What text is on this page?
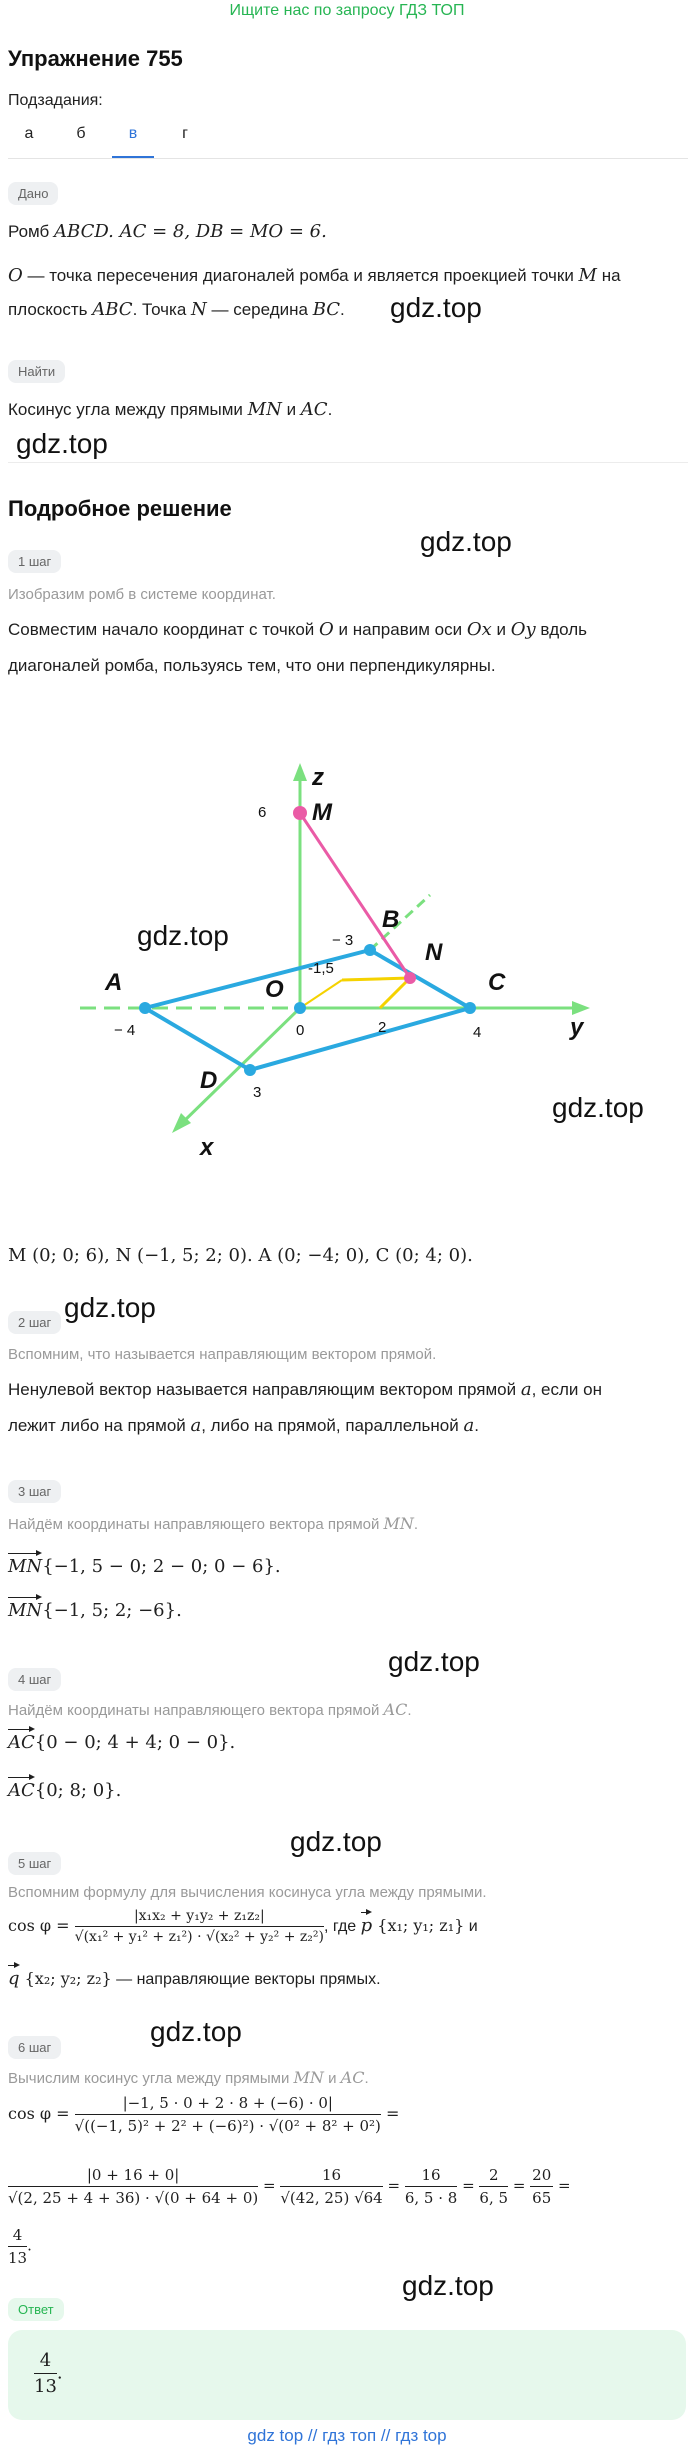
Ищите нас по запросу ГДЗ ТОП
Упражнение 755
Подзадания:
а	б	в	г
Дано
Ромб ABCD. AC = 8, DB = MO = 6.
O — точка пересечения диагоналей ромба и является проекцией точки M на
плоскость ABC. Точка N — середина BC.	gdz.top
Найти
Косинус угла между прямыми MN и AC.
gdz.top
Подробное решение
gdz.top
1 шаг
Изобразим ромб в системе координат.
Совместим начало координат с точкой O и направим оси Ox и Oy вдоль
диагоналей ромба, пользуясь тем, что они перпендикулярны.
z
M
B
N
A	O	C
y
D
x
6
− 3
-1,5
− 4	0	2	4
3
gdz.top
gdz.top
M (0; 0; 6), N (−1, 5; 2; 0). A (0; −4; 0), C (0; 4; 0).
gdz.top
2 шаг
Вспомним, что называется направляющим вектором прямой.
Ненулевой вектор называется направляющим вектором прямой a, если он
лежит либо на прямой a, либо на прямой, параллельной a.
3 шаг
Найдём координаты направляющего вектора прямой MN.
MN{−1, 5 − 0; 2 − 0; 0 − 6}.
MN{−1, 5; 2; −6}.
gdz.top
4 шаг
Найдём координаты направляющего вектора прямой AC.
AC{0 − 0; 4 + 4; 0 − 0}.
AC{0; 8; 0}.
gdz.top
5 шаг
Вспомним формулу для вычисления косинуса угла между прямыми.
$\cos \varphi = \frac{\text{|x₁x₂ + y₁y₂ + z₁z₂|}}{\text{√(x₁² + y₁² + z₁²) · √(x₂² + y₂² + z₂²)}}$ , где p {x₁; y₁; z₁} и
q {x₂; y₂; z₂} — направляющие векторы прямых.
gdz.top
6 шаг
Вычислим косинус угла между прямыми MN и AC.
$\cos \varphi = \frac{|-1, 5 \cdot 0 + 2 \cdot 8 + (-6) \cdot 0|}{\text{√((−1, 5)² + 2² + (−6)²) · √(0² + 8² + 0²)}}$ =
$\frac{|0 + 16 + 0|}{√(2, 25 + 4 + 36) \cdot √(0 + 64 + 0)} = \frac{16}{√(42, 25) √64} = \frac{16}{6, 5 \cdot 8} = \frac{2}{6, 5} = \frac{20}{65}$ =
$\frac{4}{13}$ .
gdz.top
Ответ
$\frac{4}{13}$ .
gdz top // гдз топ // гдз top
